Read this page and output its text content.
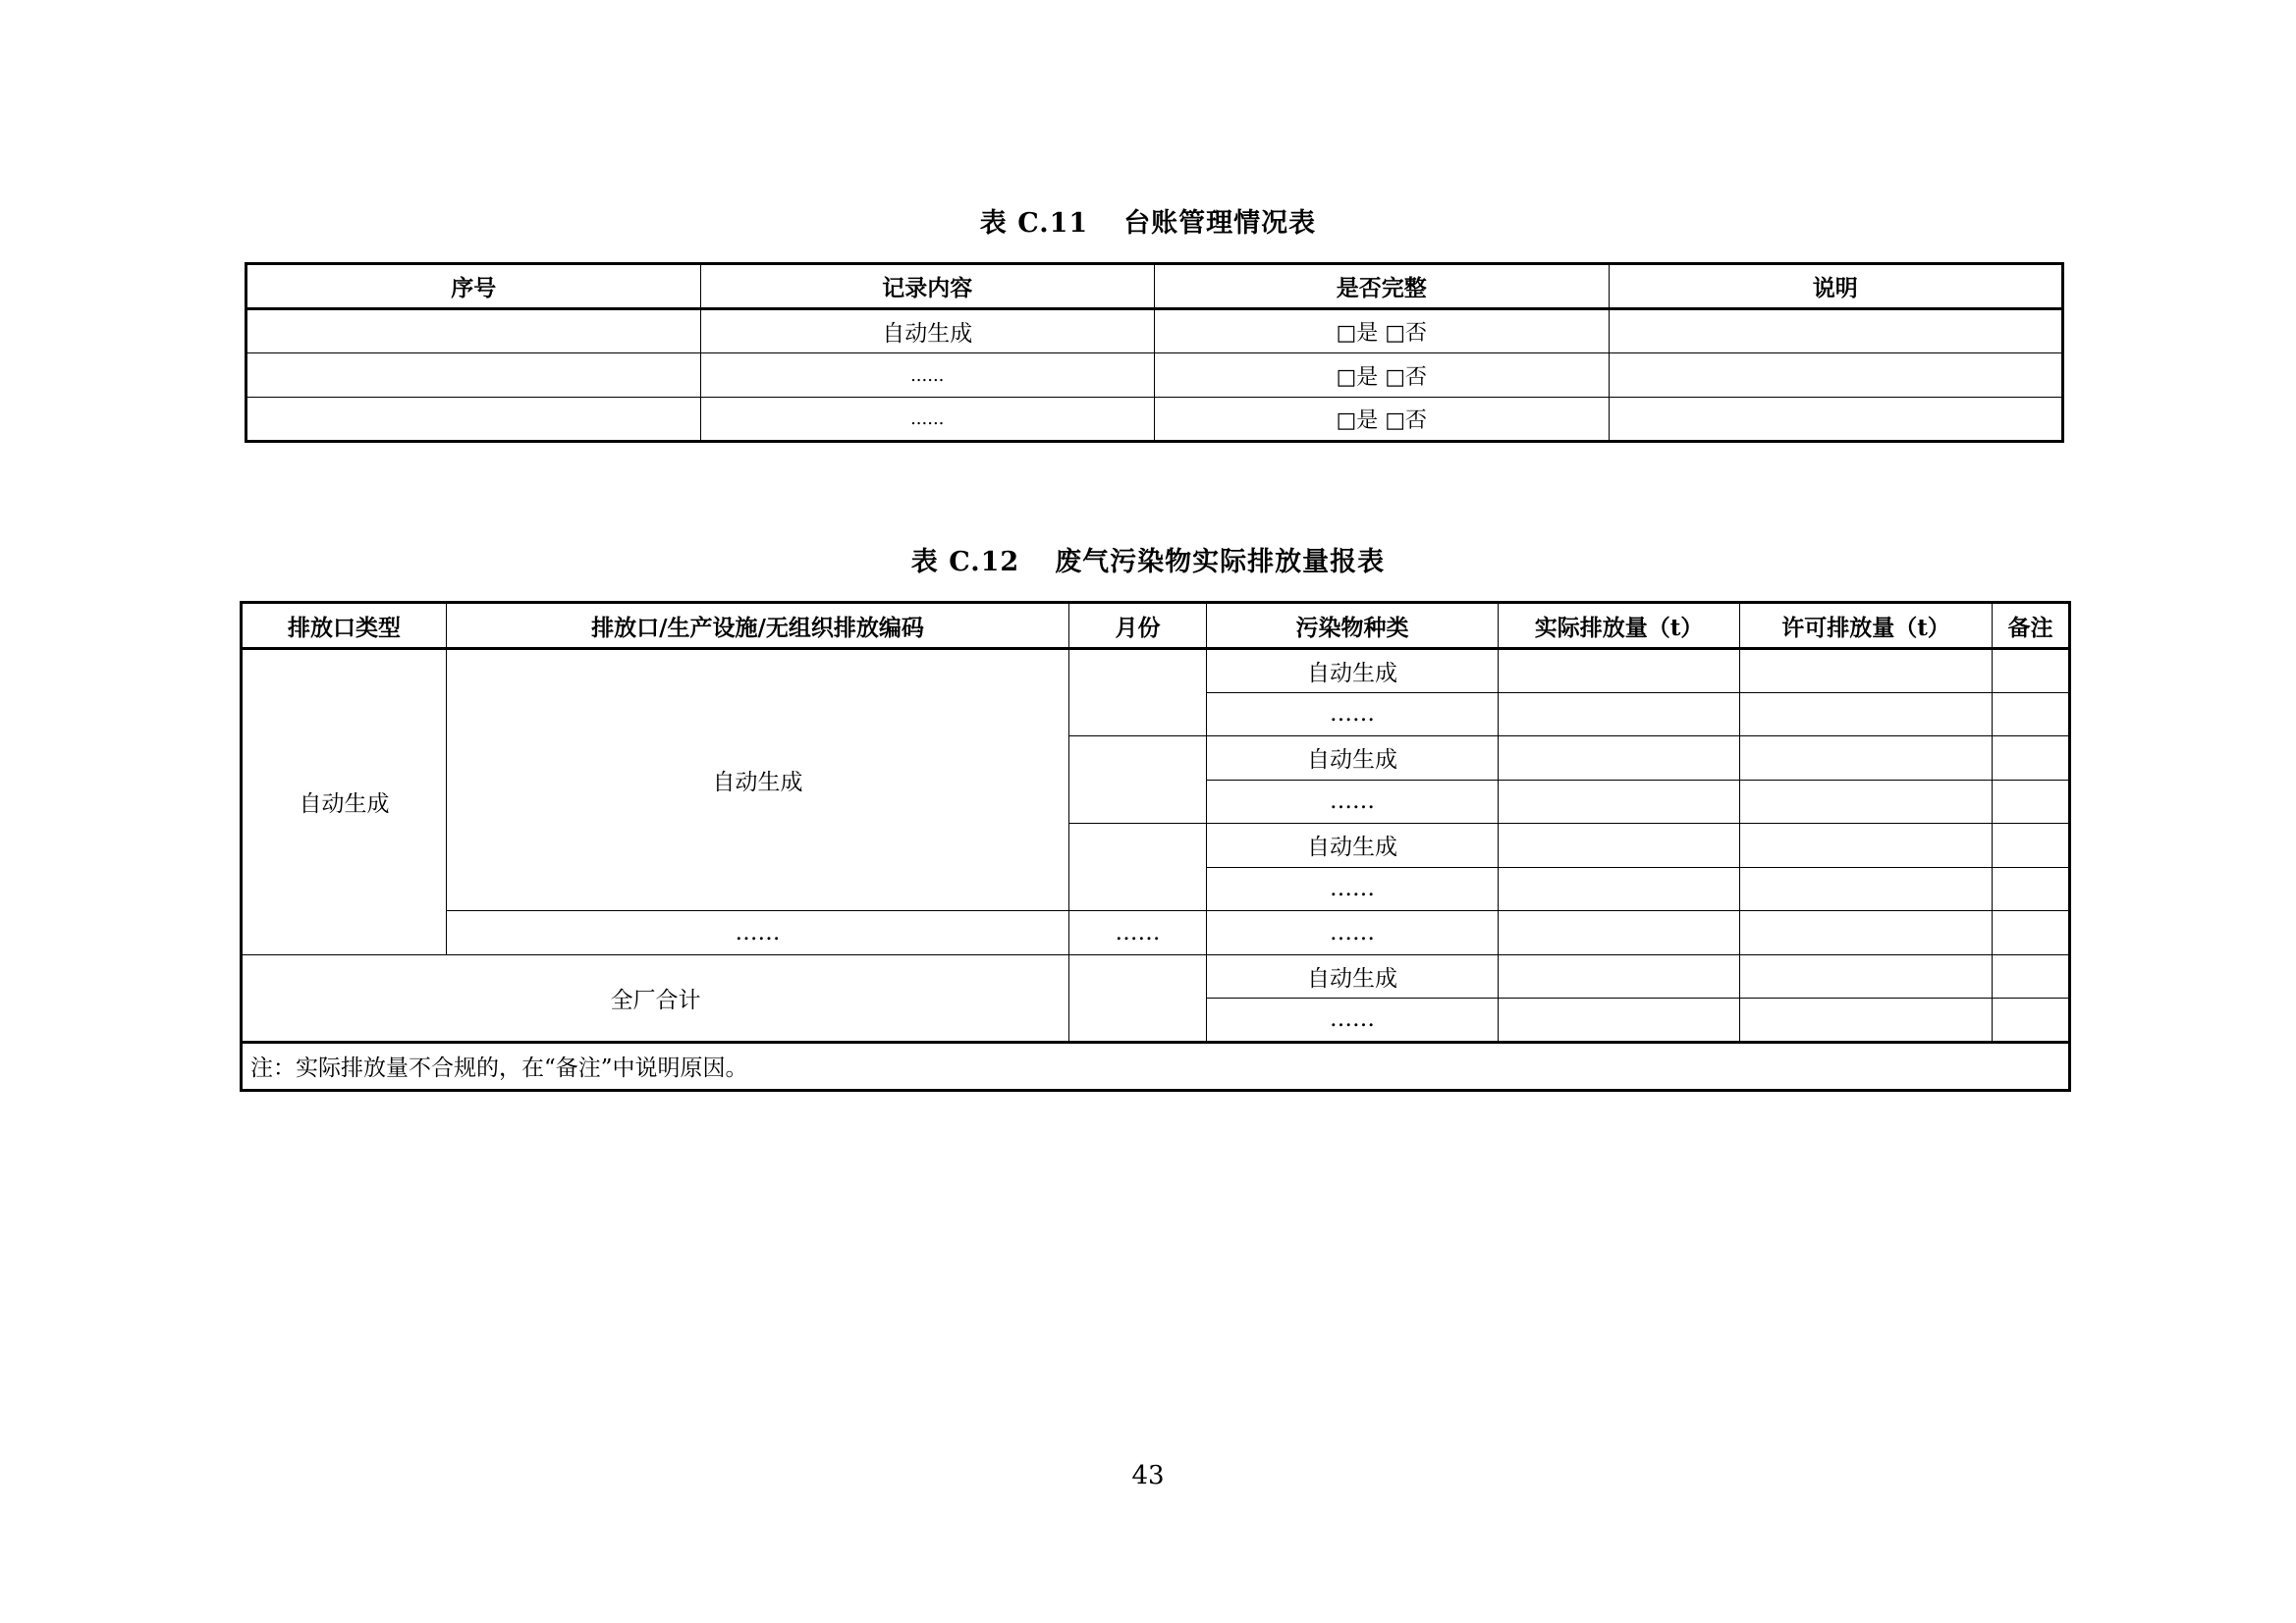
表 C.11 台账管理情况表
序号	记录内容	是否完整	说明
	自动生成	□是 □否	
	......	□是 □否	
	......	□是 □否	
表 C.12 废气污染物实际排放量报表
排放口类型	排放口/生产设施/无组织排放编码	月份	污染物种类	实际排放量（t）	许可排放量（t）	备注
自动生成	自动生成		自动生成			
			……			
			自动生成			
			……			
			自动生成			
			……			
	……	……	……			
全厂合计			自动生成			
			……			
注：实际排放量不合规的，在“备注”中说明原因。						
43
